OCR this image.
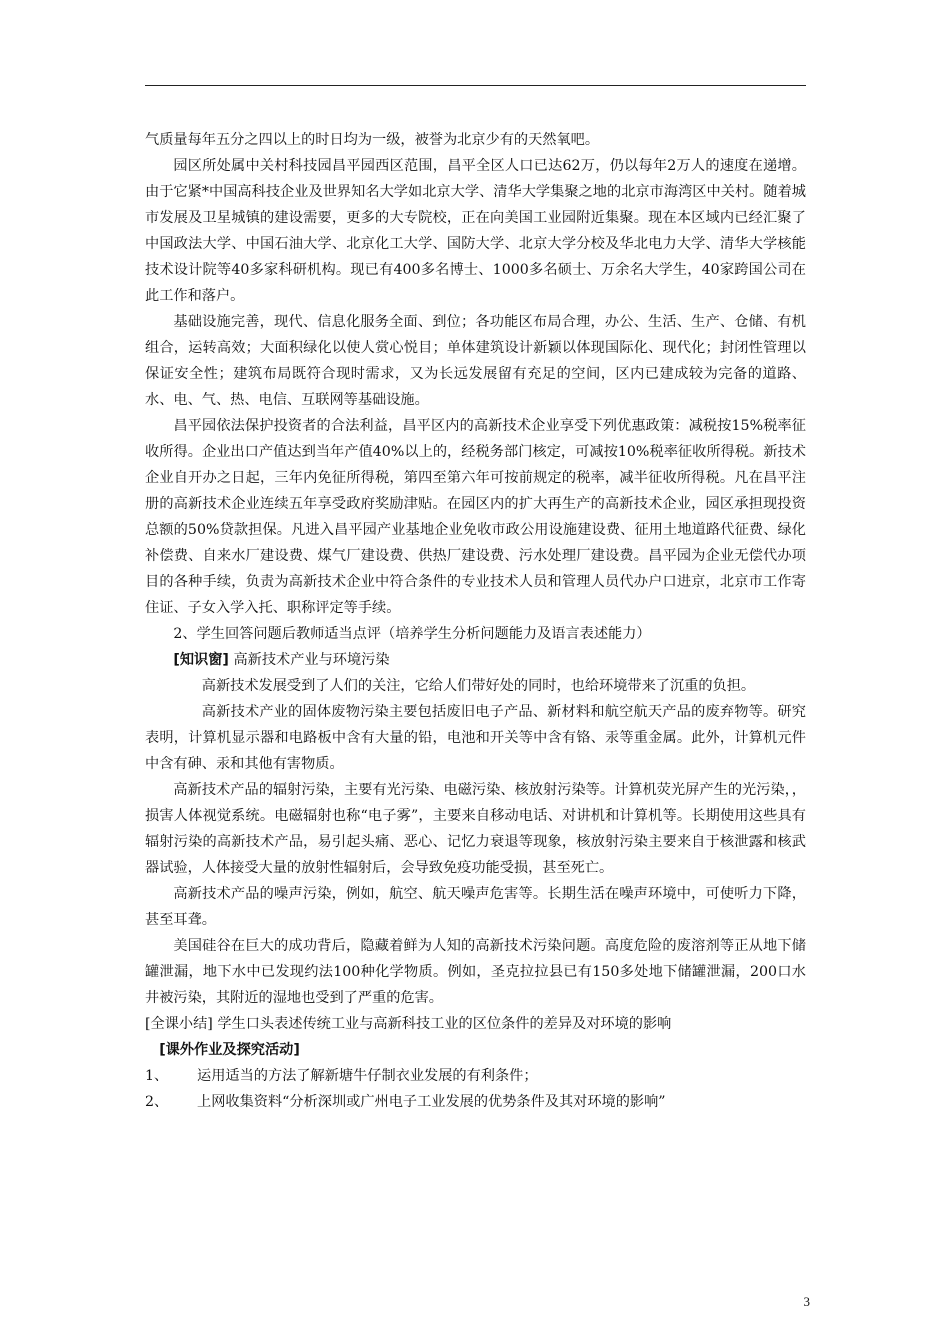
气质量每年五分之四以上的时日均为一级，被誉为北京少有的天然氧吧。

园区所处属中关村科技园昌平园西区范围，昌平全区人口已达62万，仍以每年2万人的速度在递增。由于它紧*中国高科技企业及世界知名大学如北京大学、清华大学集聚之地的北京市海湾区中关村。随着城市发展及卫星城镇的建设需要，更多的大专院校，正在向美国工业园附近集聚。现在本区域内已经汇聚了中国政法大学、中国石油大学、北京化工大学、国防大学、北京大学分校及华北电力大学、清华大学核能技术设计院等40多家科研机构。现已有400多名博士、1000多名硕士、万余名大学生，40家跨国公司在此工作和落户。

基础设施完善，现代、信息化服务全面、到位；各功能区布局合理，办公、生活、生产、仓储、有机组合，运转高效；大面积绿化以使人赏心悦目；单体建筑设计新颖以体现国际化、现代化；封闭性管理以保证安全性；建筑布局既符合现时需求，又为长远发展留有充足的空间，区内已建成较为完备的道路、水、电、气、热、电信、互联网等基础设施。

昌平园依法保护投资者的合法利益，昌平区内的高新技术企业享受下列优惠政策：减税按15%税率征收所得。企业出口产值达到当年产值40%以上的，经税务部门核定，可减按10%税率征收所得税。新技术企业自开办之日起，三年内免征所得税，第四至第六年可按前规定的税率，减半征收所得税。凡在昌平注册的高新技术企业连续五年享受政府奖励津贴。在园区内的扩大再生产的高新技术企业，园区承担现投资总额的50%贷款担保。凡进入昌平园产业基地企业免收市政公用设施建设费、征用土地道路代征费、绿化补偿费、自来水厂建设费、煤气厂建设费、供热厂建设费、污水处理厂建设费。昌平园为企业无偿代办项目的各种手续，负责为高新技术企业中符合条件的专业技术人员和管理人员代办户口进京，北京市工作寄住证、子女入学入托、职称评定等手续。

2、学生回答问题后教师适当点评（培养学生分析问题能力及语言表述能力）

[知识窗] 高新技术产业与环境污染

高新技术发展受到了人们的关注，它给人们带好处的同时，也给环境带来了沉重的负担。

高新技术产业的固体废物污染主要包括废旧电子产品、新材料和航空航天产品的废弃物等。研究表明，计算机显示器和电路板中含有大量的铅，电池和开关等中含有铬、汞等重金属。此外，计算机元件中含有砷、汞和其他有害物质。

高新技术产品的辐射污染，主要有光污染、电磁污染、核放射污染等。计算机荧光屏产生的光污染，，损害人体视觉系统。电磁辐射也称“电子雾”，主要来自移动电话、对讲机和计算机等。长期使用这些具有辐射污染的高新技术产品，易引起头痛、恶心、记忆力衰退等现象，核放射污染主要来自于核泄露和核武器试验，人体接受大量的放射性辐射后，会导致免疫功能受损，甚至死亡。

高新技术产品的噪声污染，例如，航空、航天噪声危害等。长期生活在噪声环境中，可使听力下降，甚至耳聋。

美国硅谷在巨大的成功背后，隐藏着鲜为人知的高新技术污染问题。高度危险的废溶剂等正从地下储罐泄漏，地下水中已发现约法100种化学物质。例如，圣克拉拉县已有150多处地下储罐泄漏，200口水井被污染，其附近的湿地也受到了严重的危害。

[全课小结] 学生口头表述传统工业与高新科技工业的区位条件的差异及对环境的影响

[课外作业及探究活动]

1、	运用适当的方法了解新塘牛仔制衣业发展的有利条件；
2、	上网收集资料“分析深圳或广州电子工业发展的优势条件及其对环境的影响”
3
